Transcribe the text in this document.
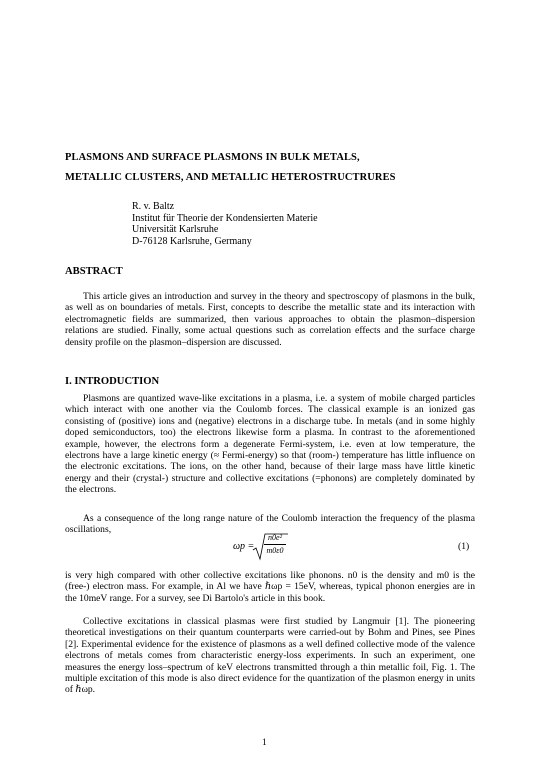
PLASMONS AND SURFACE PLASMONS IN BULK METALS,
METALLIC CLUSTERS, AND METALLIC HETEROSTRUCTRURES
R. v. Baltz
Institut für Theorie der Kondensierten Materie
Universität Karlsruhe
D-76128 Karlsruhe, Germany
ABSTRACT

This article gives an introduction and survey in the theory and spectroscopy of plasmons in the bulk, as well as on boundaries of metals. First, concepts to describe the metallic state and its interaction with electromagnetic fields are summarized, then various approaches to obtain the plasmon–dispersion relations are studied. Finally, some actual questions such as correlation effects and the surface charge density profile on the plasmon–dispersion are discussed.

I. INTRODUCTION

Plasmons are quantized wave-like excitations in a plasma, i.e. a system of mobile charged particles which interact with one another via the Coulomb forces. The classical example is an ionized gas consisting of (positive) ions and (negative) electrons in a discharge tube. In metals (and in some highly doped semiconductors, too) the electrons likewise form a plasma. In contrast to the aforementioned example, however, the electrons form a degenerate Fermi-system, i.e. even at low temperature, the electrons have a large kinetic energy (≈ Fermi-energy) so that (room-) temperature has little influence on the electronic excitations. The ions, on the other hand, because of their large mass have little kinetic energy and their (crystal-) structure and collective excitations (=phonons) are completely dominated by the electrons.

As a consequence of the long range nature of the Coulomb interaction the frequency of the plasma oscillations,

ωp =
n0e²
m0ε0	(1)

is very high compared with other collective excitations like phonons. n0 is the density and m0 is the (free-) electron mass. For example, in Al we have ℏωp = 15eV, whereas, typical phonon energies are in the 10meV range. For a survey, see Di Bartolo's article in this book.

Collective excitations in classical plasmas were first studied by Langmuir [1]. The pioneering theoretical investigations on their quantum counterparts were carried-out by Bohm and Pines, see Pines [2]. Experimental evidence for the existence of plasmons as a well defined collective mode of the valence electrons of metals comes from characteristic energy-loss experiments. In such an experiment, one measures the energy loss–spectrum of keV electrons transmitted through a thin metallic foil, Fig. 1. The multiple excitation of this mode is also direct evidence for the quantization of the plasmon energy in units of ℏωp.

1
